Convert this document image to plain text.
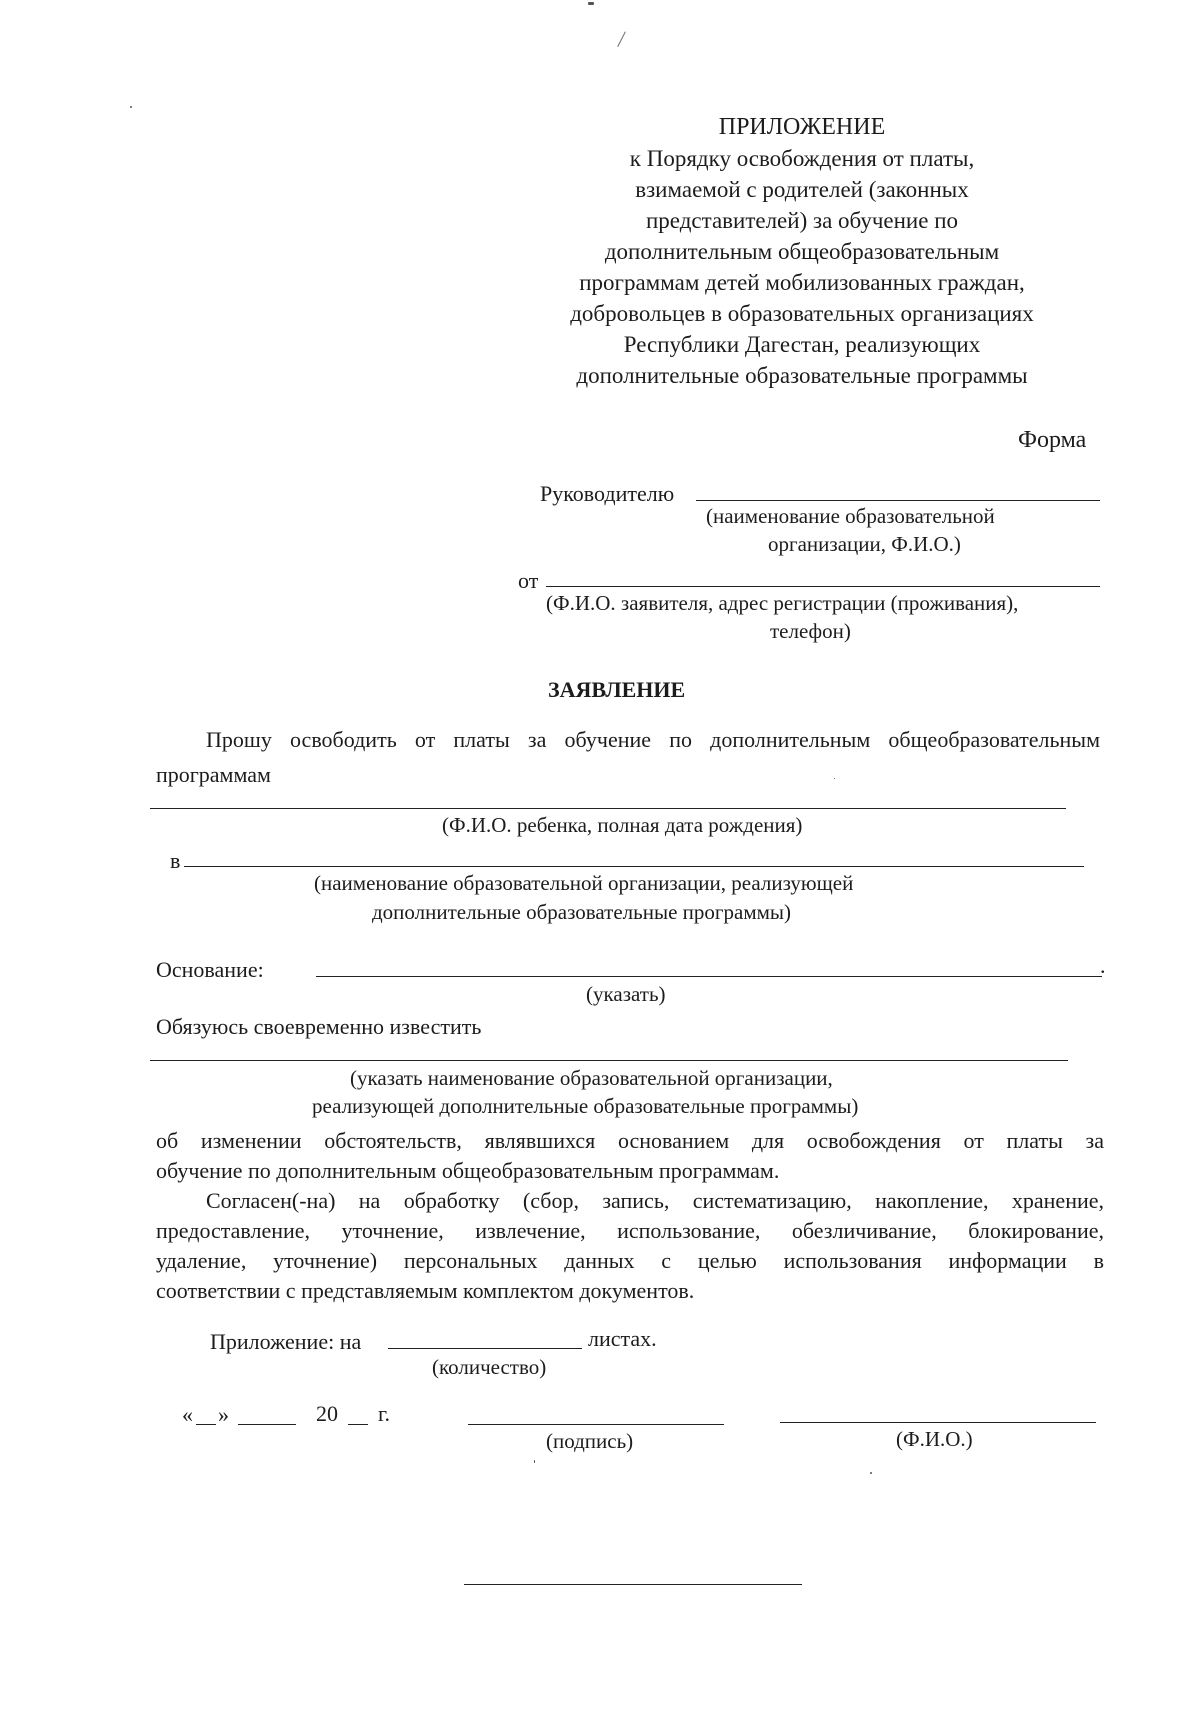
ПРИЛОЖЕНИЕ
к Порядку освобождения от платы,
взимаемой с родителей (законных
представителей) за обучение по
дополнительным общеобразовательным
программам детей мобилизованных граждан,
добровольцев в образовательных организациях
Республики Дагестан, реализующих
дополнительные образовательные программы
Форма
Руководителю
(наименование образовательной
организации, Ф.И.О.)
от
(Ф.И.О. заявителя, адрес регистрации (проживания),
телефон)
ЗАЯВЛЕНИЕ
Прошу освободить от платы за обучение по дополнительным общеобразовательным
программам
(Ф.И.О. ребенка, полная дата рождения)
в
(наименование образовательной организации, реализующей
дополнительные образовательные программы)
Основание:	.
(указать)
Обязуюсь своевременно известить
(указать наименование образовательной организации,
реализующей дополнительные образовательные программы)
об изменении обстоятельств, являвшихся основанием для освобождения от платы за
обучение по дополнительным общеобразовательным программам.
Согласен(-на) на обработку (сбор, запись, систематизацию, накопление, хранение,
предоставление, уточнение, извлечение, использование, обезличивание, блокирование,
удаление, уточнение) персональных данных с целью использования информации в
соответствии с представляемым комплектом документов.
Приложение: на	листах.
(количество)
« »	20 г.
(подпись)	(Ф.И.О.)
/
